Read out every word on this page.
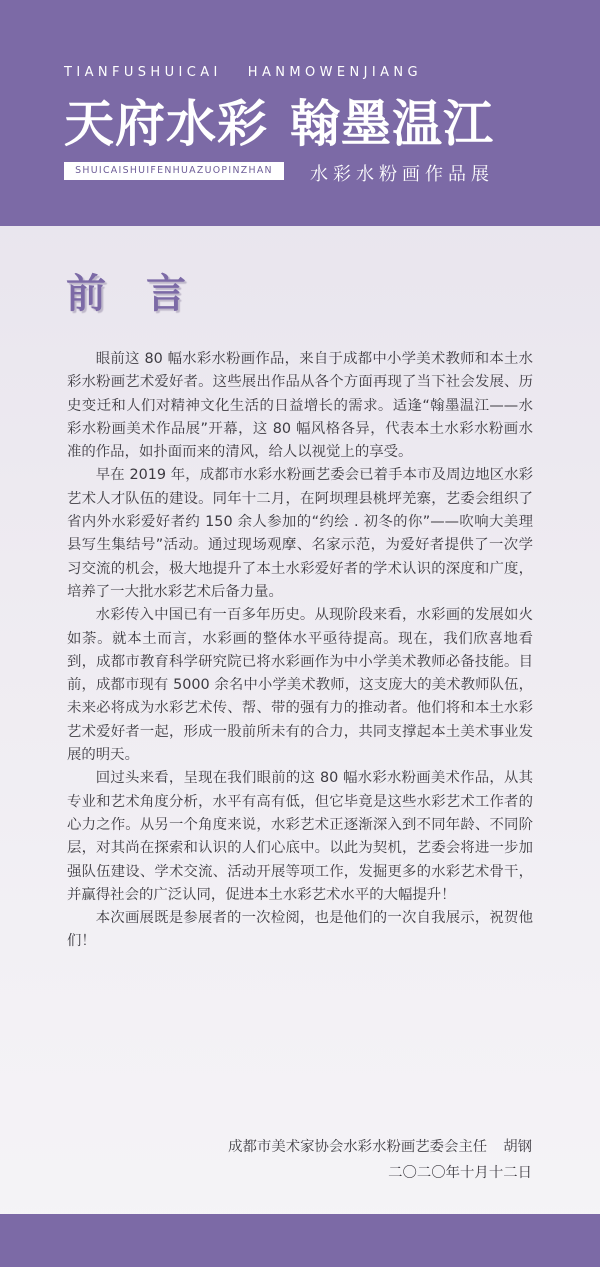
TIANFUSHUICAI HANMOWENJIANG
天府水彩 翰墨温江
SHUICAISHUIFENHUAZUOPINZHAN	水彩水粉画作品展
前言

眼前这 80 幅水彩水粉画作品，来自于成都中小学美术教师和本土水彩水粉画艺术爱好者。这些展出作品从各个方面再现了当下社会发展、历史变迁和人们对精神文化生活的日益增长的需求。适逢“翰墨温江——水彩水粉画美术作品展”开幕，这 80 幅风格各异，代表本土水彩水粉画水准的作品，如扑面而来的清风，给人以视觉上的享受。

早在 2019 年，成都市水彩水粉画艺委会已着手本市及周边地区水彩艺术人才队伍的建设。同年十二月，在阿坝理县桃坪羌寨，艺委会组织了省内外水彩爱好者约 150 余人参加的“约绘 . 初冬的你”——吹响大美理县写生集结号”活动。通过现场观摩、名家示范，为爱好者提供了一次学习交流的机会，极大地提升了本土水彩爱好者的学术认识的深度和广度，培养了一大批水彩艺术后备力量。

水彩传入中国已有一百多年历史。从现阶段来看，水彩画的发展如火如荼。就本土而言，水彩画的整体水平亟待提高。现在，我们欣喜地看到，成都市教育科学研究院已将水彩画作为中小学美术教师必备技能。目前，成都市现有 5000 余名中小学美术教师，这支庞大的美术教师队伍，未来必将成为水彩艺术传、帮、带的强有力的推动者。他们将和本土水彩艺术爱好者一起，形成一股前所未有的合力，共同支撑起本土美术事业发展的明天。

回过头来看，呈现在我们眼前的这 80 幅水彩水粉画美术作品，从其专业和艺术角度分析，水平有高有低，但它毕竟是这些水彩艺术工作者的心力之作。从另一个角度来说，水彩艺术正逐渐深入到不同年龄、不同阶层，对其尚在探索和认识的人们心底中。以此为契机，艺委会将进一步加强队伍建设、学术交流、活动开展等项工作，发掘更多的水彩艺术骨干，并赢得社会的广泛认同，促进本土水彩艺术水平的大幅提升！

本次画展既是参展者的一次检阅，也是他们的一次自我展示，祝贺他们！

成都市美术家协会水彩水粉画艺委会主任 胡钢
二〇二〇年十月十二日
